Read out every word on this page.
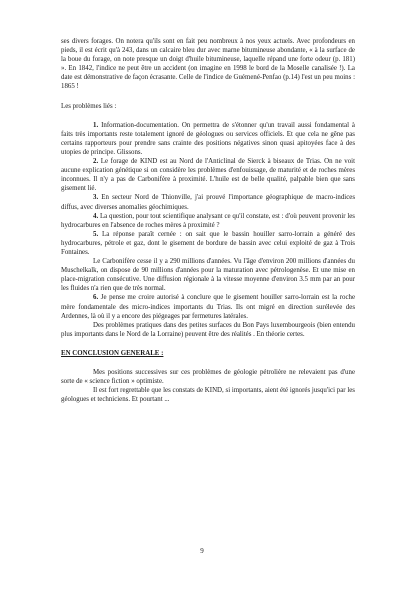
ses divers forages. On notera qu'ils sont en fait peu nombreux à nos yeux actuels. Avec profondeurs en pieds, il est écrit qu'à 243, dans un calcaire bleu dur avec marne bitumineuse abondante, « à la surface de la boue du forage, on note presque un doigt d'huile bitumineuse, laquelle répand une forte odeur (p. 181) ». En 1842, l'indice ne peut être un accident (on imagine en 1998 le bord de la Moselle canalisée !). La date est démonstrative de façon écrasante. Celle de l'indice de Guémené-Penfao (p.14) l'est un peu moins : 1865 !

Les problèmes liés :

1. Information-documentation. On permettra de s'étonner qu'un travail aussi fondamental à faits très importants reste totalement ignoré de géologues ou services officiels. Et que cela ne gêne pas certains rapporteurs pour prendre sans crainte des positions négatives sinon quasi apitoyées face à des utopies de principe. Glissons.

2. Le forage de KIND est au Nord de l'Anticlinal de Sierck à biseaux de Trias. On ne voit aucune explication génétique si on considère les problèmes d'enfouissage, de maturité et de roches mères inconnues. Il n'y a pas de Carbonifère à proximité. L'huile est de belle qualité, palpable bien que sans gisement lié.

3. En secteur Nord de Thionville, j'ai prouvé l'importance géographique de macro-indices diffus, avec diverses anomalies géochimiques.

4. La question, pour tout scientifique analysant ce qu'il constate, est : d'où peuvent provenir les hydrocarbures en l'absence de roches mères à proximité ?

5. La réponse paraît cernée : on sait que le bassin houiller sarro-lorrain a généré des hydrocarbures, pétrole et gaz, dont le gisement de bordure de bassin avec celui exploité de gaz à Trois Fontaines.

Le Carbonifère cesse il y a 290 millions d'années. Vu l'âge d'environ 200 millions d'années du Muschelkalk, on dispose de 90 millions d'années pour la maturation avec pétrologenèse. Et une mise en place-migration consécutive. Une diffusion régionale à la vitesse moyenne d'environ 3.5 mm par an pour les fluides n'a rien que de très normal.

6. Je pense me croire autorisé à conclure que le gisement houiller sarro-lorrain est la roche mère fondamentale des micro-indices importants du Trias. Ils ont migré en direction surélevée des Ardennes, là où il y a encore des piégeages par fermetures latérales.

Des problèmes pratiques dans des petites surfaces du Bon Pays luxembourgeois (bien entendu plus importants dans le Nord de la Lorraine) peuvent être des réalités . En théorie certes.

EN CONCLUSION GENERALE :

Mes positions successives sur ces problèmes de géologie pétrolière ne relevaient pas d'une sorte de « science fiction » optimiste.

Il est fort regrettable que les constats de KIND, si importants, aient été ignorés jusqu'ici par les géologues et techniciens. Et pourtant ...

9
